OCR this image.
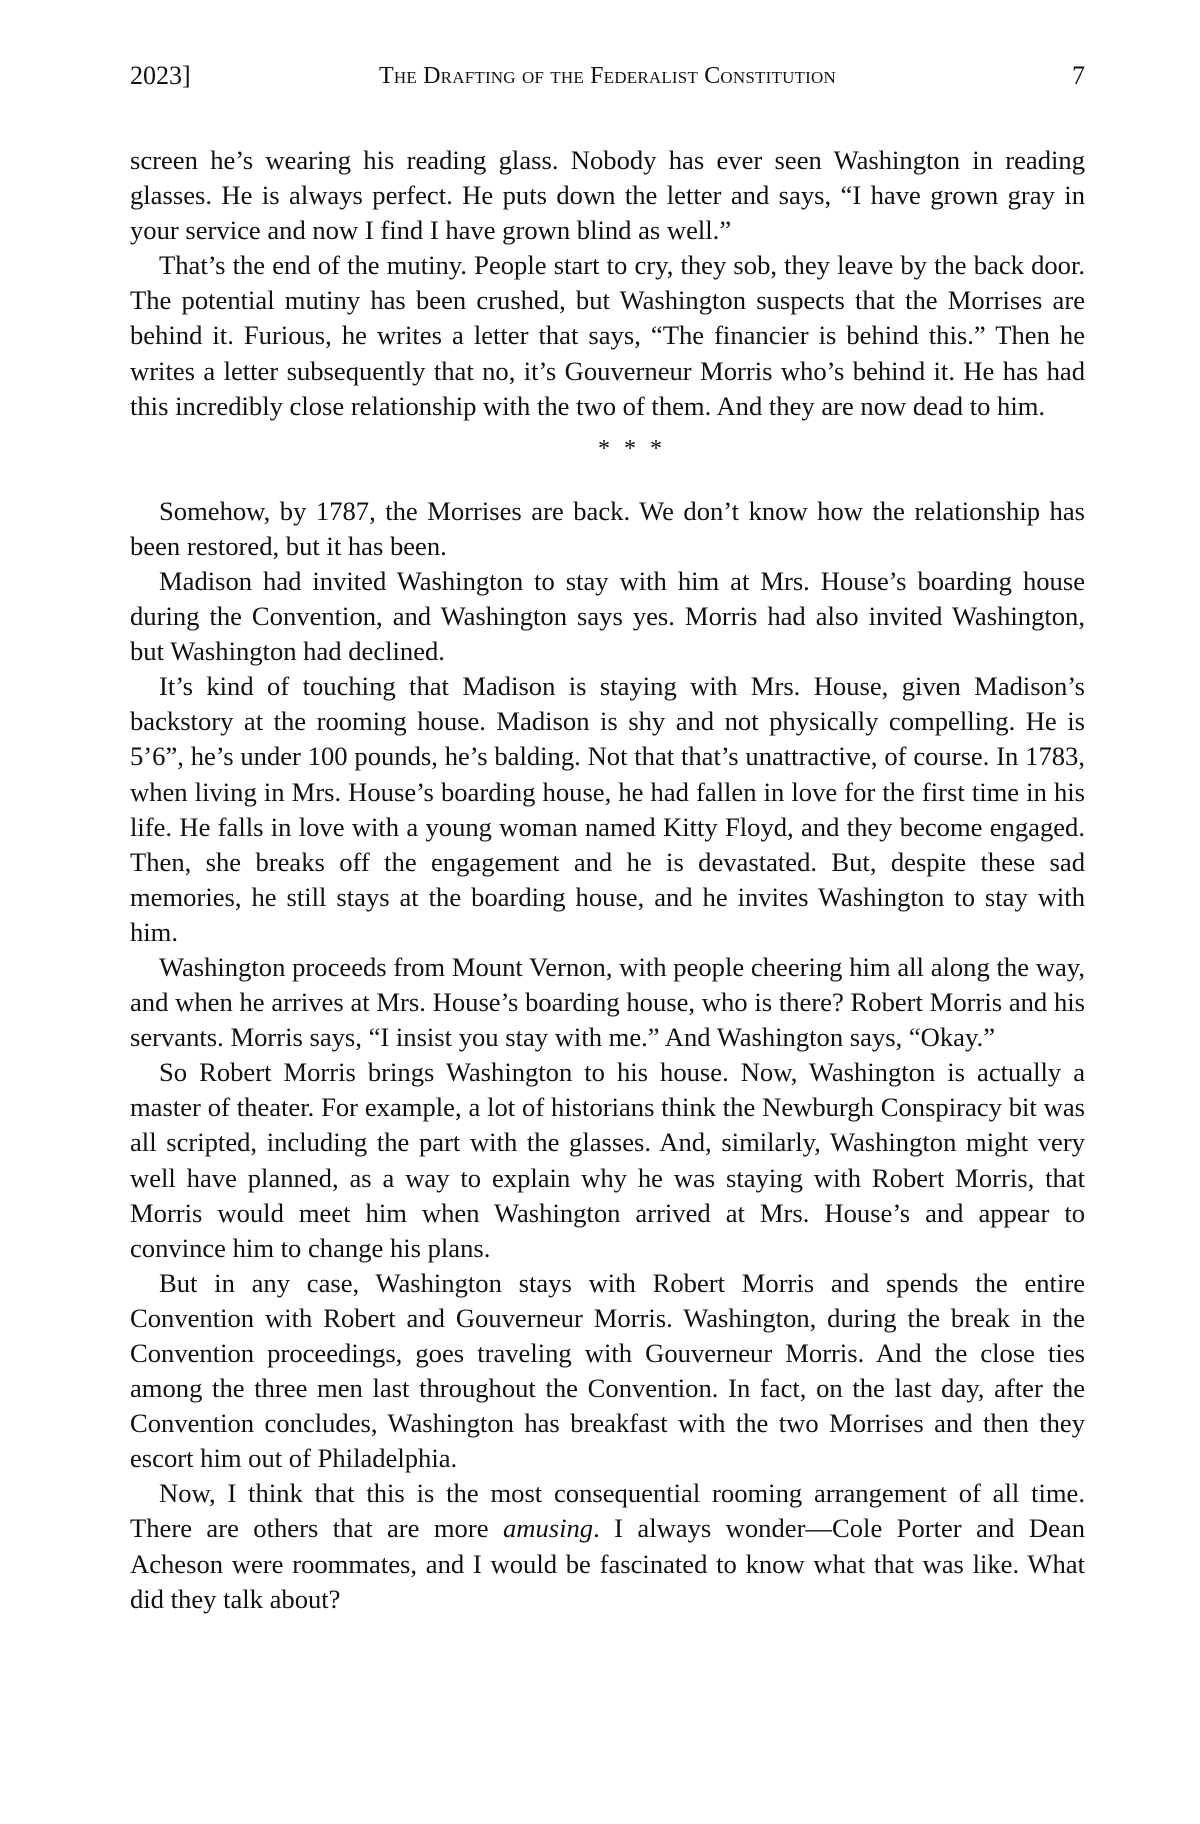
2023]	The Drafting of the Federalist Constitution	7

screen he’s wearing his reading glass. Nobody has ever seen Washington in reading glasses. He is always perfect. He puts down the letter and says, “I have grown gray in your service and now I find I have grown blind as well.”

That’s the end of the mutiny. People start to cry, they sob, they leave by the back door. The potential mutiny has been crushed, but Washington suspects that the Morrises are behind it. Furious, he writes a letter that says, “The financier is behind this.” Then he writes a letter subsequently that no, it’s Gouverneur Morris who’s behind it. He has had this incredibly close relationship with the two of them. And they are now dead to him.

* * *

Somehow, by 1787, the Morrises are back. We don’t know how the relationship has been restored, but it has been.

Madison had invited Washington to stay with him at Mrs. House’s boarding house during the Convention, and Washington says yes. Morris had also invited Washington, but Washington had declined.

It’s kind of touching that Madison is staying with Mrs. House, given Madison’s backstory at the rooming house. Madison is shy and not physically compelling. He is 5’6”, he’s under 100 pounds, he’s balding. Not that that’s unattractive, of course. In 1783, when living in Mrs. House’s boarding house, he had fallen in love for the first time in his life. He falls in love with a young woman named Kitty Floyd, and they become engaged. Then, she breaks off the engagement and he is devastated. But, despite these sad memories, he still stays at the boarding house, and he invites Washington to stay with him.

Washington proceeds from Mount Vernon, with people cheering him all along the way, and when he arrives at Mrs. House’s boarding house, who is there? Robert Morris and his servants. Morris says, “I insist you stay with me.” And Washington says, “Okay.”

So Robert Morris brings Washington to his house. Now, Washington is actually a master of theater. For example, a lot of historians think the Newburgh Conspiracy bit was all scripted, including the part with the glasses. And, similarly, Washington might very well have planned, as a way to explain why he was staying with Robert Morris, that Morris would meet him when Washington arrived at Mrs. House’s and appear to convince him to change his plans.

But in any case, Washington stays with Robert Morris and spends the entire Convention with Robert and Gouverneur Morris. Washington, during the break in the Convention proceedings, goes traveling with Gouverneur Morris. And the close ties among the three men last throughout the Convention. In fact, on the last day, after the Convention concludes, Washington has breakfast with the two Morrises and then they escort him out of Philadelphia.

Now, I think that this is the most consequential rooming arrangement of all time. There are others that are more amusing. I always wonder—Cole Porter and Dean Acheson were roommates, and I would be fascinated to know what that was like. What did they talk about?
